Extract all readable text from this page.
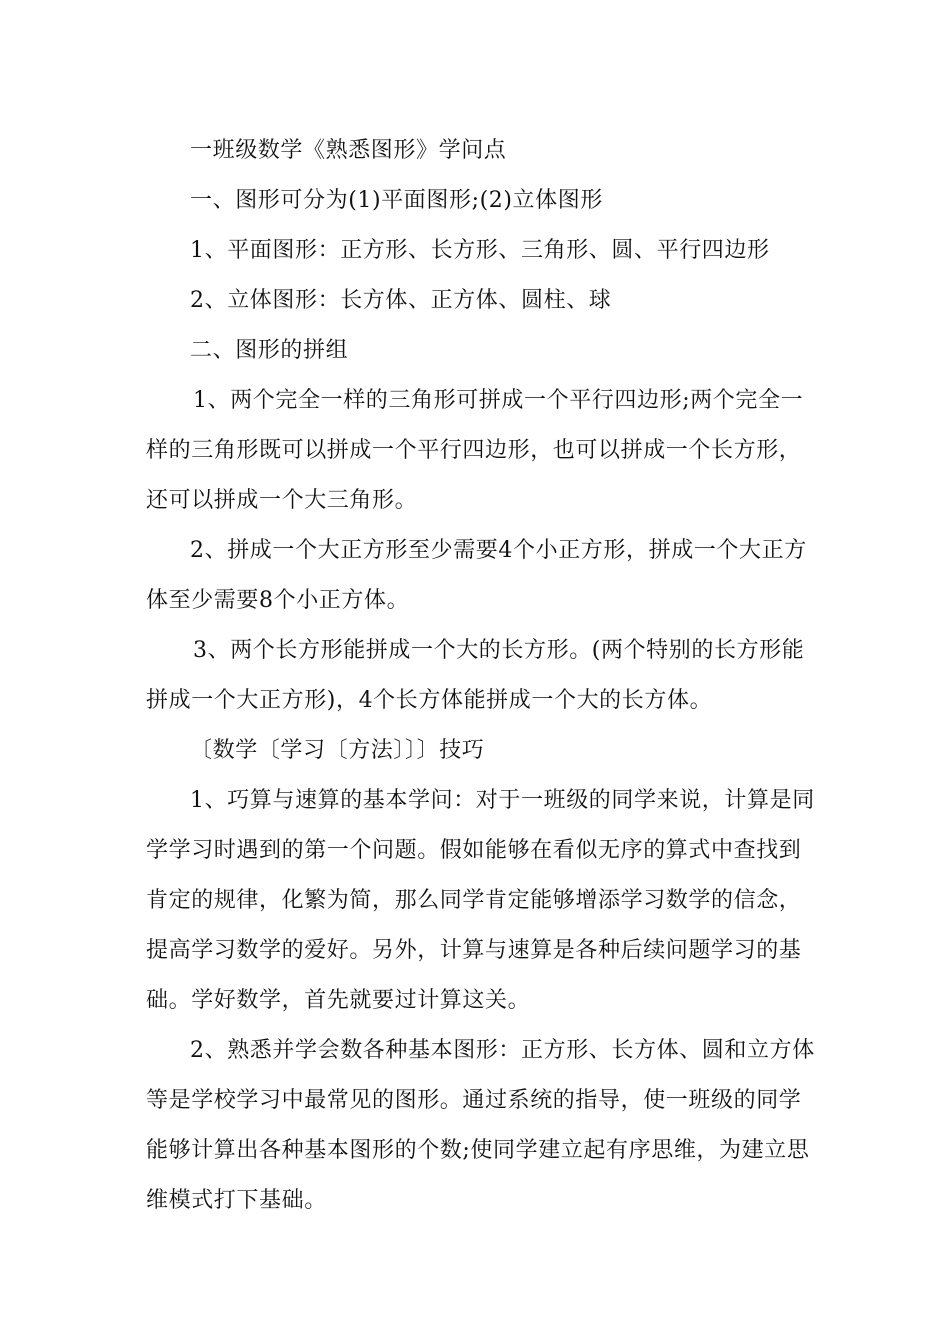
一班级数学《熟悉图形》学问点

一、图形可分为(1)平面图形;(2)立体图形

1、平面图形：正方形、长方形、三角形、圆、平行四边形

2、立体图形：长方体、正方体、圆柱、球

二、图形的拼组

1、两个完全一样的三角形可拼成一个平行四边形;两个完全一

样的三角形既可以拼成一个平行四边形，也可以拼成一个长方形，

还可以拼成一个大三角形。

2、拼成一个大正方形至少需要4个小正方形，拼成一个大正方

体至少需要8个小正方体。

3、两个长方形能拼成一个大的长方形。(两个特别的长方形能

拼成一个大正方形)，4个长方体能拼成一个大的长方体。

〔数学〔学习〔方法〕〕〕技巧

1、巧算与速算的基本学问：对于一班级的同学来说，计算是同

学学习时遇到的第一个问题。假如能够在看似无序的算式中查找到

肯定的规律，化繁为简，那么同学肯定能够增添学习数学的信念，

提高学习数学的爱好。另外，计算与速算是各种后续问题学习的基

础。学好数学，首先就要过计算这关。

2、熟悉并学会数各种基本图形：正方形、长方体、圆和立方体

等是学校学习中最常见的图形。通过系统的指导，使一班级的同学

能够计算出各种基本图形的个数;使同学建立起有序思维，为建立思

维模式打下基础。
